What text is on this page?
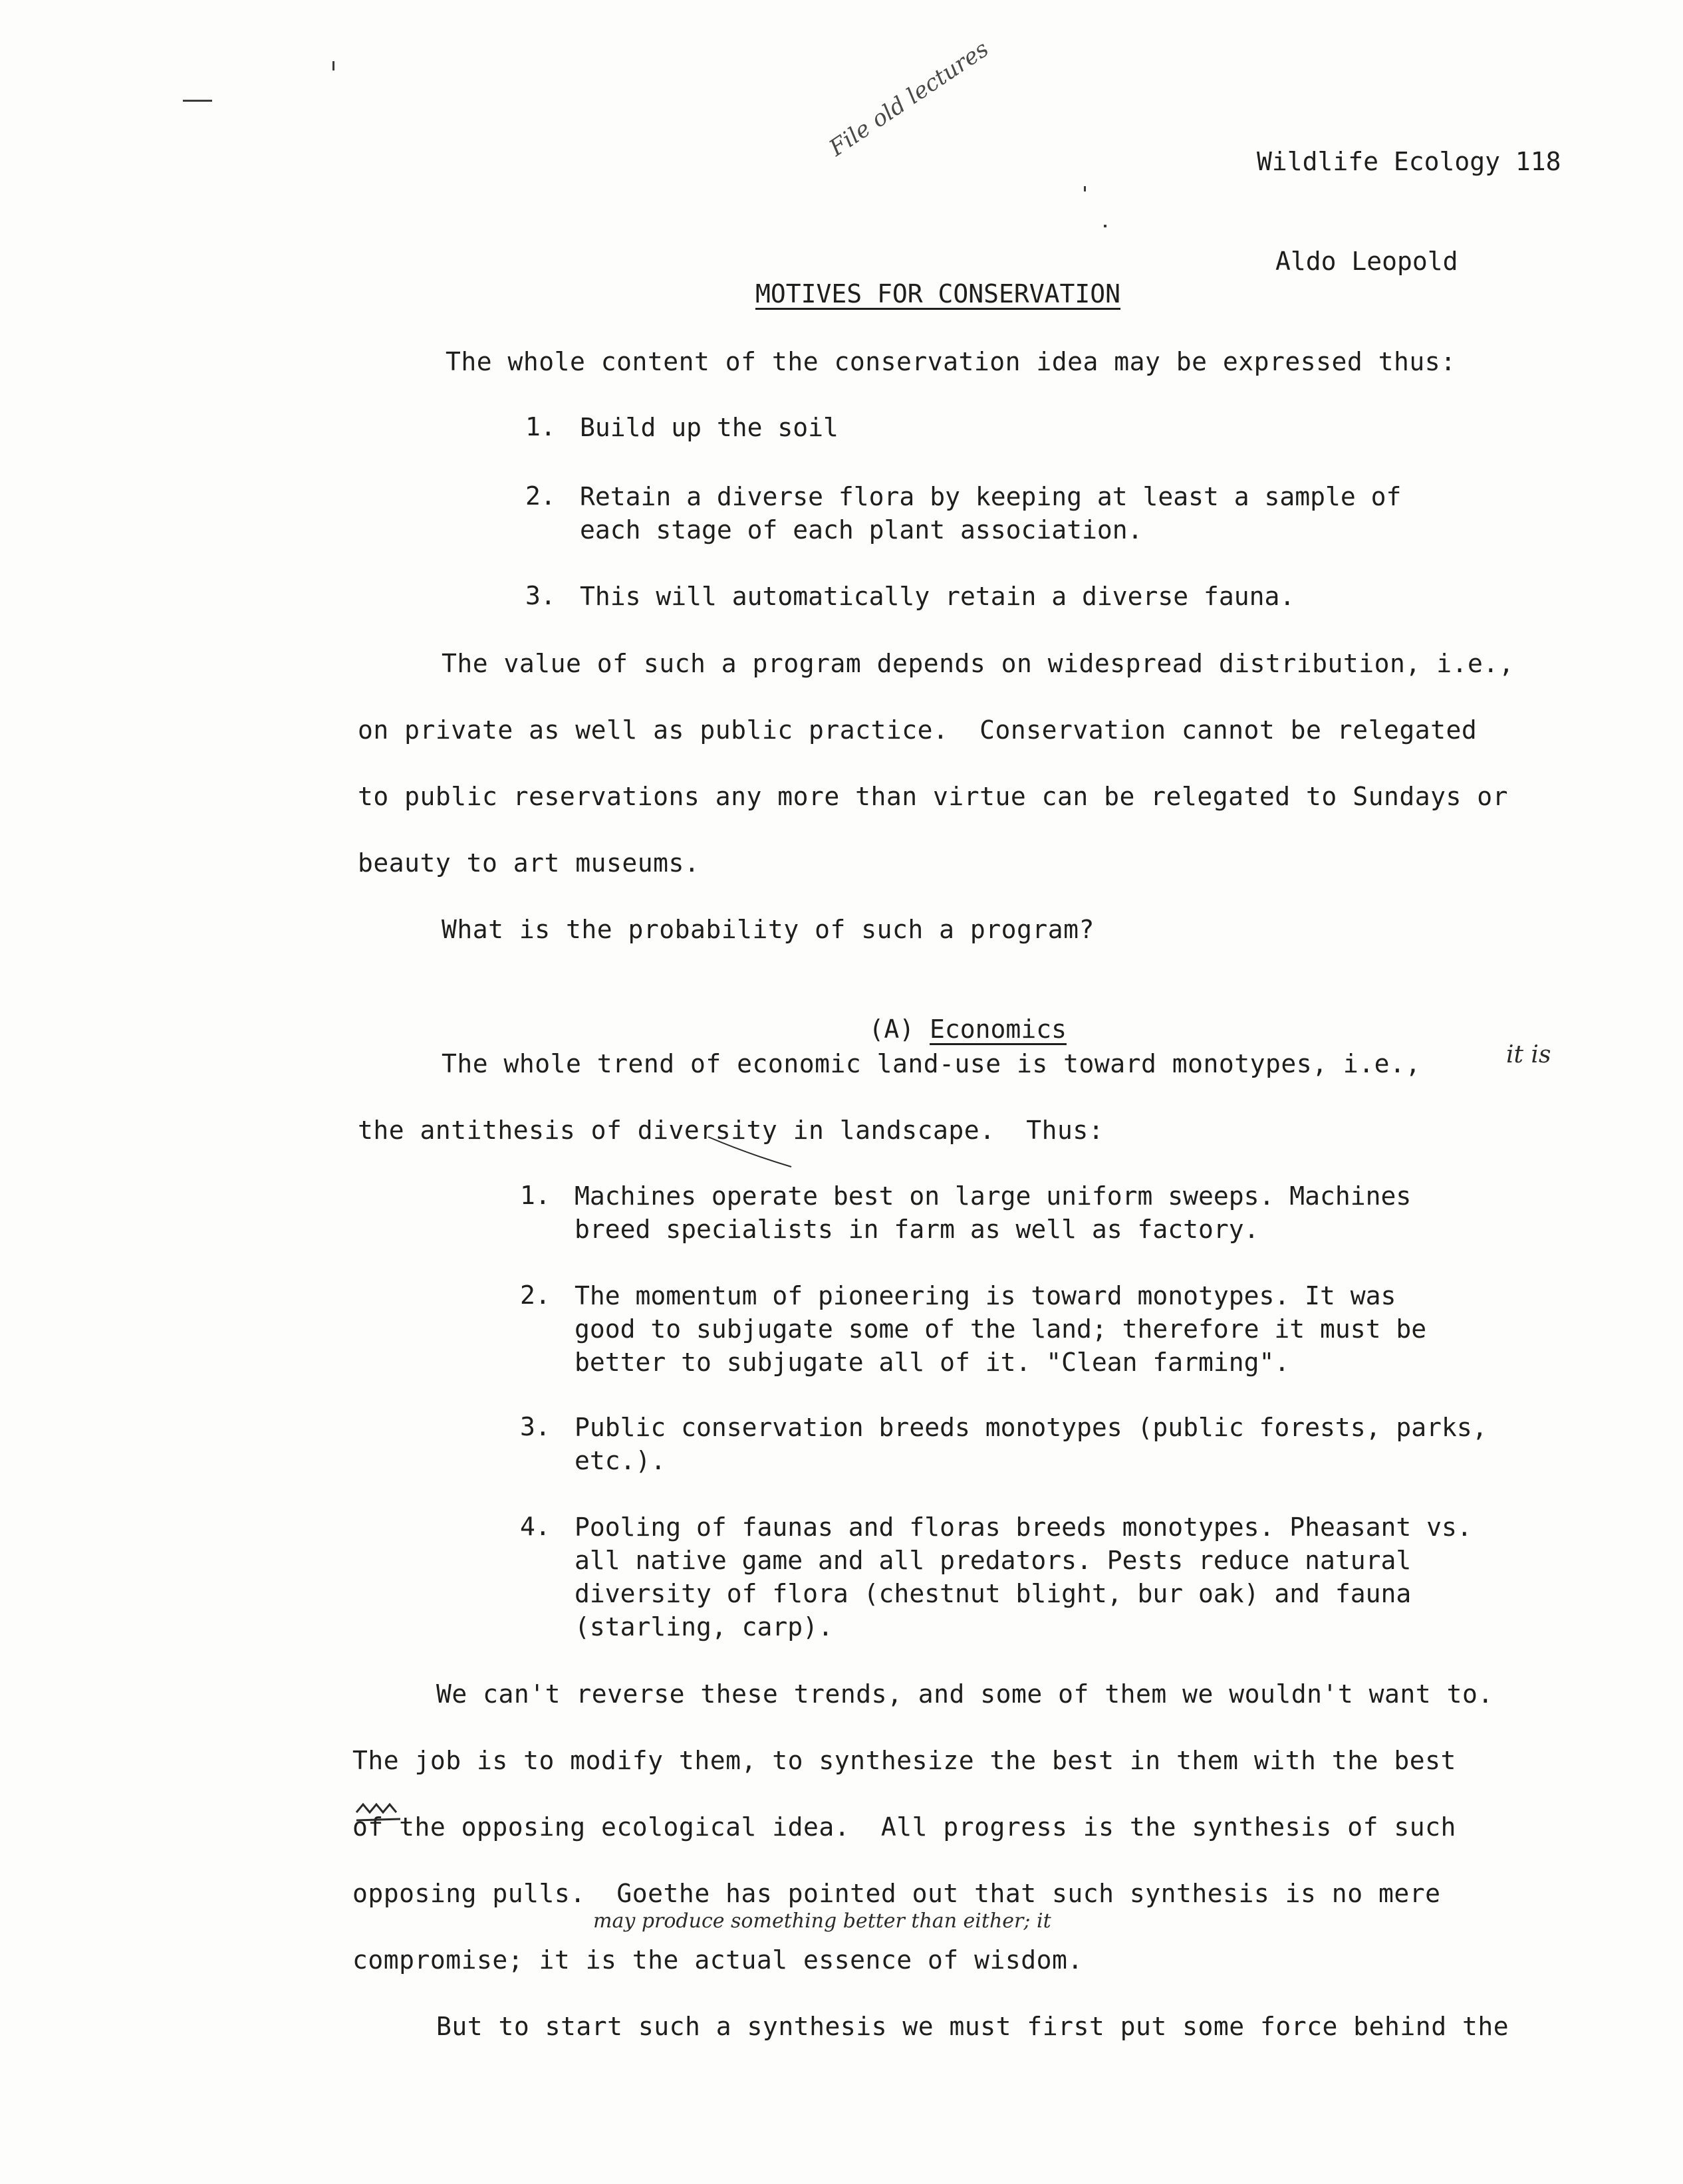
Wildlife Ecology 118

Aldo Leopold

File old lectures
MOTIVES FOR CONSERVATION
The whole content of the conservation idea may be expressed thus:
1. Build up the soil
2. Retain a diverse flora by keeping at least a sample of
each stage of each plant association.
3. This will automatically retain a diverse fauna.
The value of such a program depends on widespread distribution, i.e.,
on private as well as public practice.  Conservation cannot be relegated
to public reservations any more than virtue can be relegated to Sundays or
beauty to art museums.
What is the probability of such a program?

(A) Economics

The whole trend of economic land-use is toward monotypes, i.e.,	it is
the antithesis of diversity in landscape.  Thus:
1. Machines operate best on large uniform sweeps. Machines
breed specialists in farm as well as factory.
2. The momentum of pioneering is toward monotypes. It was
good to subjugate some of the land; therefore it must be
better to subjugate all of it. "Clean farming".
3. Public conservation breeds monotypes (public forests, parks,
etc.).
4. Pooling of faunas and floras breeds monotypes. Pheasant vs.
all native game and all predators. Pests reduce natural
diversity of flora (chestnut blight, bur oak) and fauna
(starling, carp).
We can't reverse these trends, and some of them we wouldn't want to.
The job is to modify them, to synthesize the best in them with the best
of the opposing ecological idea.  All progress is the synthesis of such
opposing pulls.  Goethe has pointed out that such synthesis is no mere
may produce something better than either; it
compromise; it is the actual essence of wisdom.
But to start such a synthesis we must first put some force behind the
